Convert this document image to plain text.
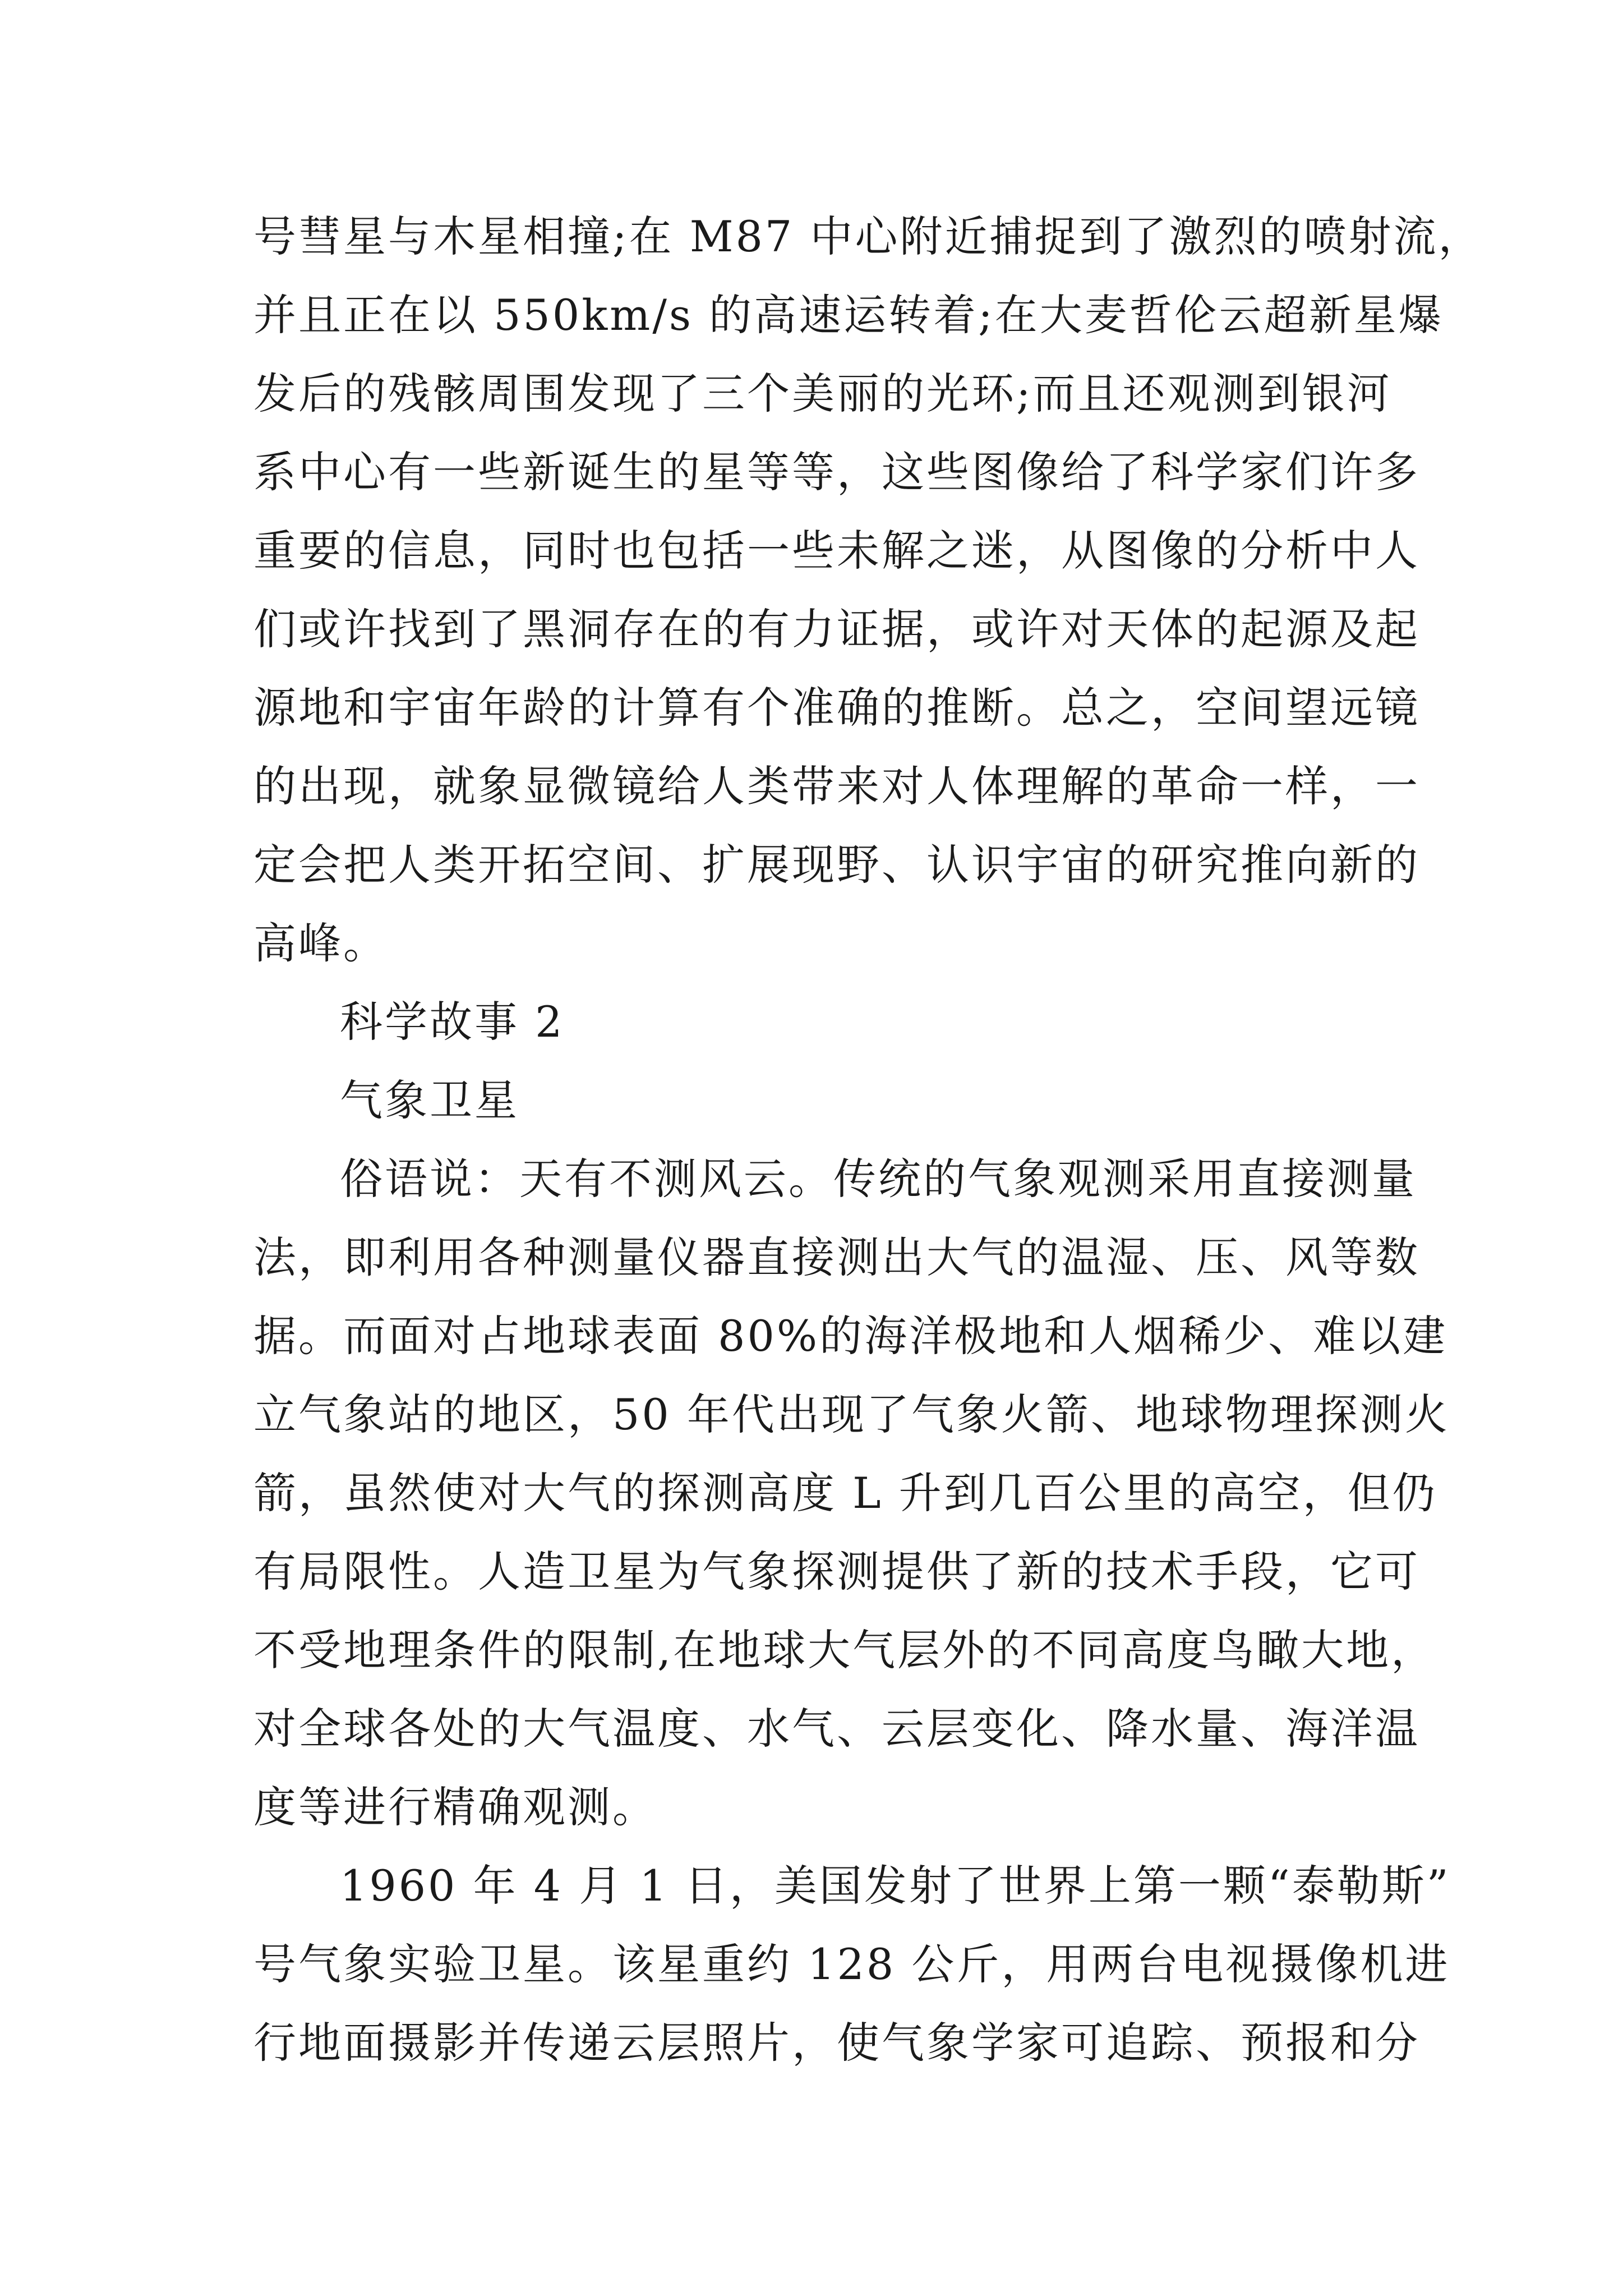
号彗星与木星相撞;在 M87 中心附近捕捉到了激烈的喷射流，
并且正在以 550km/s 的高速运转着;在大麦哲伦云超新星爆
发后的残骸周围发现了三个美丽的光环;而且还观测到银河
系中心有一些新诞生的星等等，这些图像给了科学家们许多
重要的信息，同时也包括一些未解之迷，从图像的分析中人
们或许找到了黑洞存在的有力证据，或许对天体的起源及起
源地和宇宙年龄的计算有个准确的推断。总之，空间望远镜
的出现，就象显微镜给人类带来对人体理解的革命一样，一
定会把人类开拓空间、扩展现野、认识宇宙的研究推向新的
高峰。
科学故事 2
气象卫星
俗语说：天有不测风云。传统的气象观测采用直接测量
法，即利用各种测量仪器直接测出大气的温湿、压、风等数
据。而面对占地球表面 80%的海洋极地和人烟稀少、难以建
立气象站的地区，50 年代出现了气象火箭、地球物理探测火
箭，虽然使对大气的探测高度 L 升到几百公里的高空，但仍
有局限性。人造卫星为气象探测提供了新的技术手段，它可
不受地理条件的限制,在地球大气层外的不同高度鸟瞰大地，
对全球各处的大气温度、水气、云层变化、降水量、海洋温
度等进行精确观测。
1960 年 4 月 1 日，美国发射了世界上第一颗“泰勒斯”
号气象实验卫星。该星重约 128 公斤，用两台电视摄像机进
行地面摄影并传递云层照片，使气象学家可追踪、预报和分
